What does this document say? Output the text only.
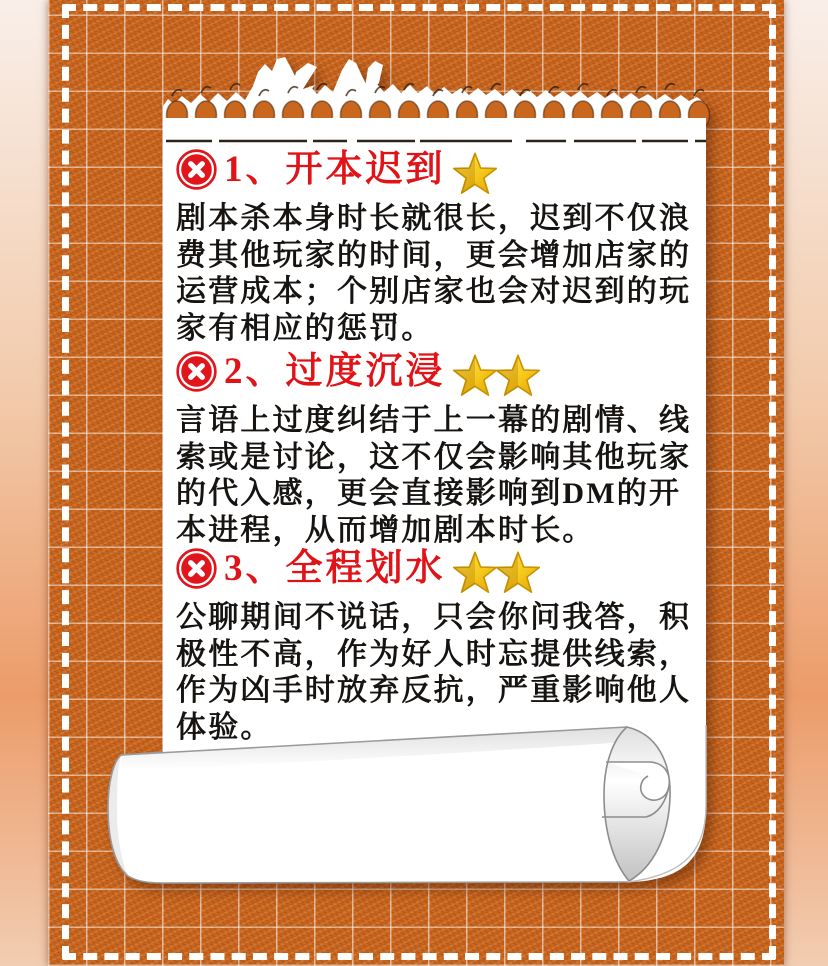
1、开本迟到

剧本杀本身时长就很长，迟到不仅浪费其他玩家的时间，更会增加店家的运营成本；个别店家也会对迟到的玩家有相应的惩罚。

2、过度沉浸

言语上过度纠结于上一幕的剧情、线索或是讨论，这不仅会影响其他玩家的代入感，更会直接影响到DM的开本进程，从而增加剧本时长。

3、全程划水

公聊期间不说话，只会你问我答，积极性不高，作为好人时忘提供线索，作为凶手时放弃反抗，严重影响他人体验。
